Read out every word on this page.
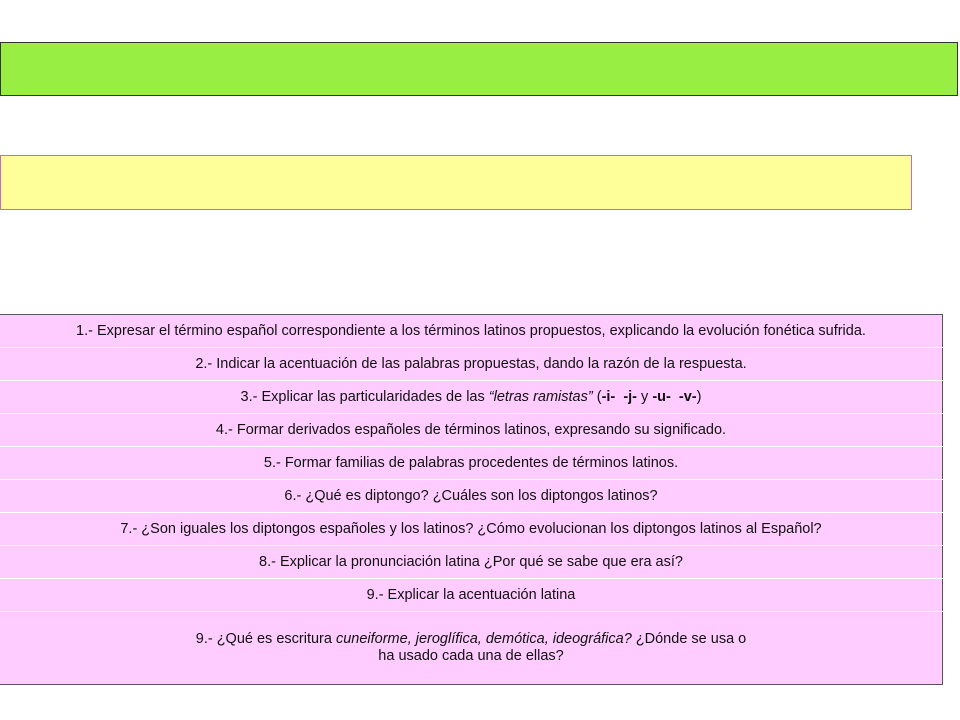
1.- Expresar el término español correspondiente a los términos latinos propuestos, explicando la evolución fonética sufrida.
2.- Indicar la acentuación de las palabras propuestas, dando la razón de la respuesta.
3.- Explicar las particularidades de las “letras ramistas” (-i- -j- y -u- -v-)
4.- Formar derivados españoles de términos latinos, expresando su significado.
5.- Formar familias de palabras procedentes de términos latinos.
6.- ¿Qué es diptongo? ¿Cuáles son los diptongos latinos?
7.- ¿Son iguales los diptongos españoles y los latinos? ¿Cómo evolucionan los diptongos latinos al Español?
8.- Explicar la pronunciación latina ¿Por qué se sabe que era así?
9.- Explicar la acentuación latina
9.- ¿Qué es escritura cuneiforme, jeroglífica, demótica, ideográfica? ¿Dónde se usa o
ha usado cada una de ellas?
